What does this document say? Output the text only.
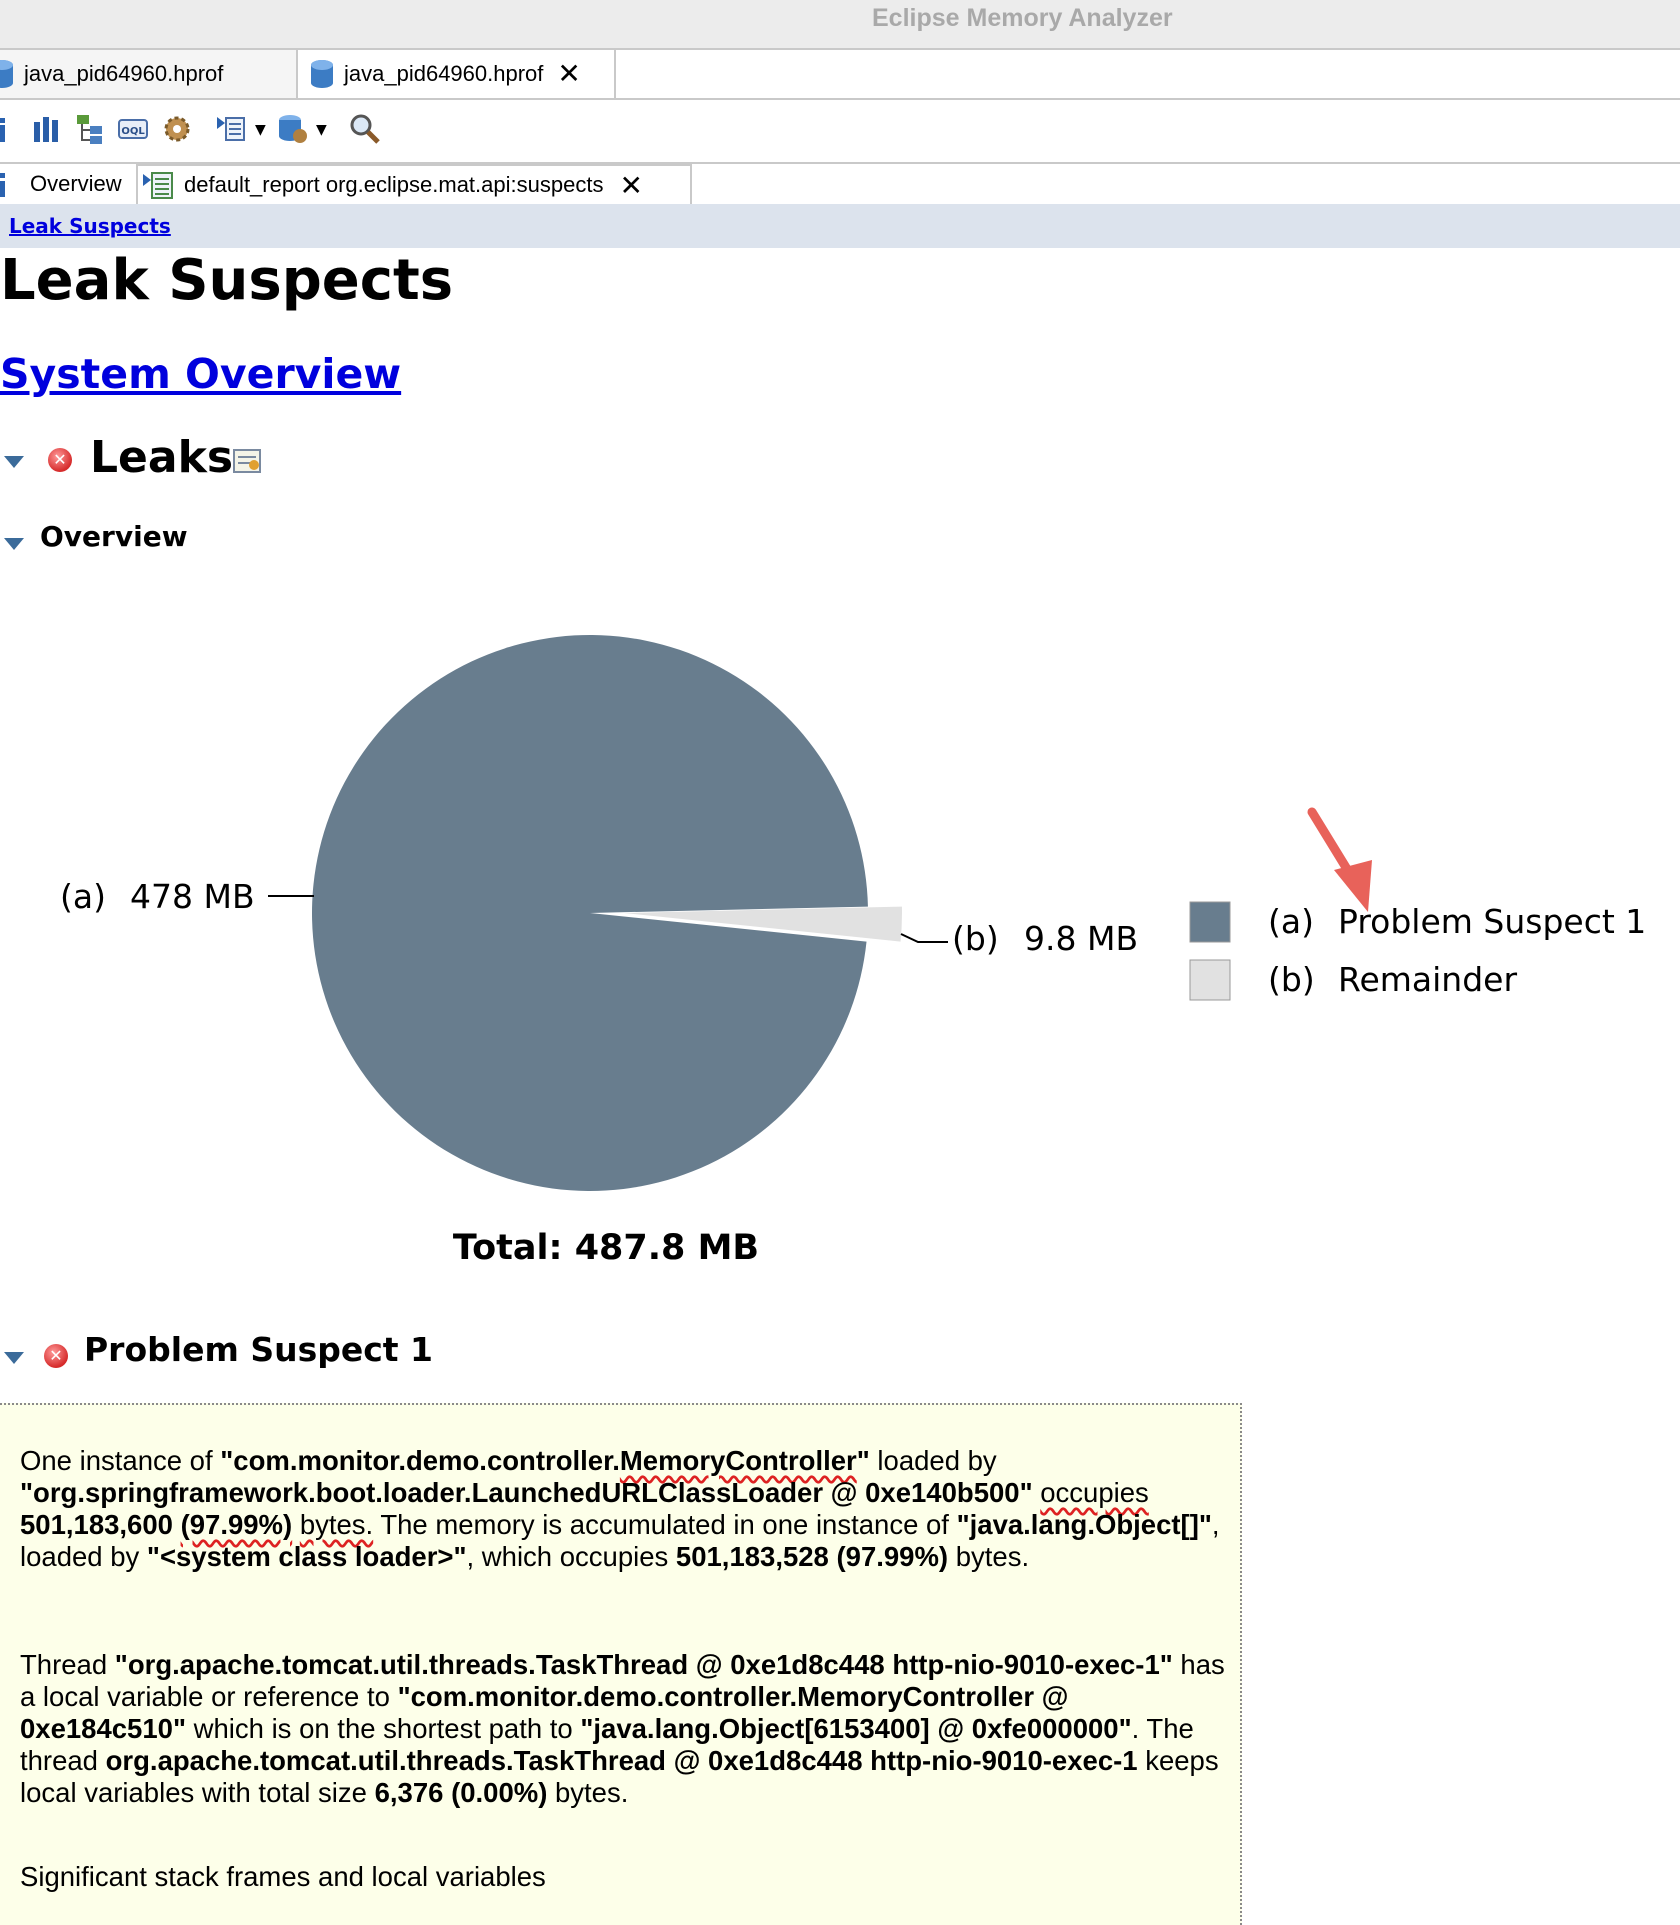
Eclipse Memory Analyzer
java_pid64960.hprof	java_pid64960.hprof ✕
OQL	▼	▼
Overview	default_report org.eclipse.mat.api:suspects ✕
Leak Suspects
Leak Suspects
System Overview
✕ Leaks
Overview
(a) 478 MB
(b) 9.8 MB
Total: 487.8 MB
(a) Problem Suspect 1
(b) Remainder
✕ Problem Suspect 1

One instance of "com.monitor.demo.controller.MemoryController" loaded by "org.springframework.boot.loader.LaunchedURLClassLoader @ 0xe140b500" occupies 501,183,600 (97.99%) bytes. The memory is accumulated in one instance of "java.lang.Object[]", loaded by "<system class loader>", which occupies 501,183,528 (97.99%) bytes.

Thread "org.apache.tomcat.util.threads.TaskThread @ 0xe1d8c448 http-nio-9010-exec-1" has a local variable or reference to "com.monitor.demo.controller.MemoryController @ 0xe184c510" which is on the shortest path to "java.lang.Object[6153400] @ 0xfe000000". The thread org.apache.tomcat.util.threads.TaskThread @ 0xe1d8c448 http-nio-9010-exec-1 keeps local variables with total size 6,376 (0.00%) bytes.

Significant stack frames and local variables
